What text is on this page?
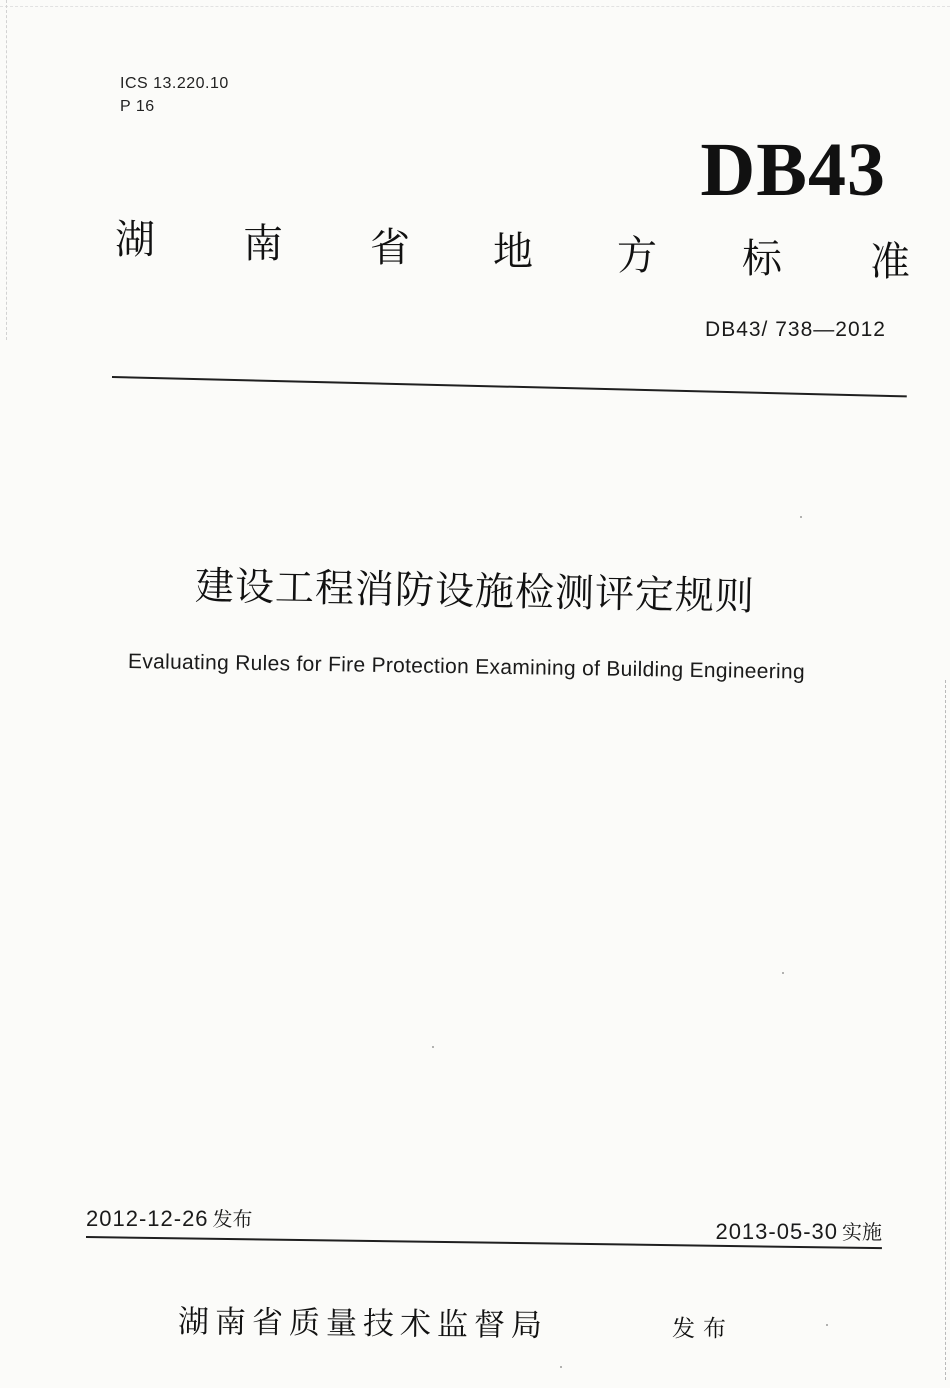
ICS 13.220.10
P 16
DB43
湖 南 省 地 方 标 准
DB43/ 738—2012
建设工程消防设施检测评定规则
Evaluating Rules for Fire Protection Examining of Building Engineering
2012-12-26 发布	2013-05-30 实施
湖南省质量技术监督局	发布
